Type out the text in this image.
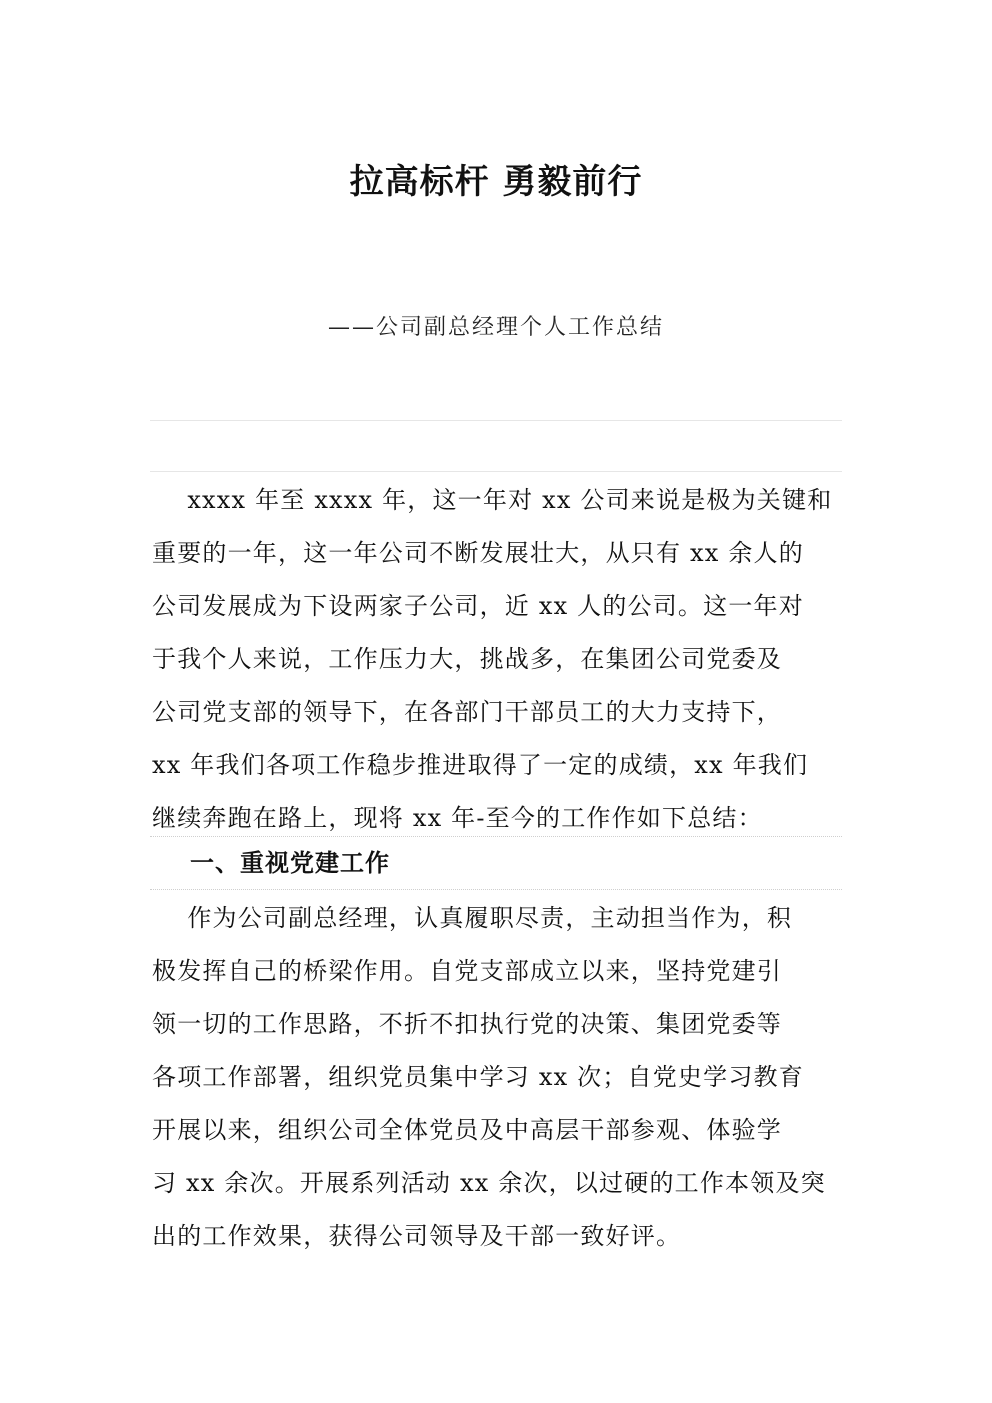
拉高标杆 勇毅前行
——公司副总经理个人工作总结
xxxx 年至 xxxx 年，这一年对 xx 公司来说是极为关键和
重要的一年，这一年公司不断发展壮大，从只有 xx 余人的
公司发展成为下设两家子公司，近 xx 人的公司。这一年对
于我个人来说，工作压力大，挑战多，在集团公司党委及
公司党支部的领导下，在各部门干部员工的大力支持下，
xx 年我们各项工作稳步推进取得了一定的成绩，xx 年我们
继续奔跑在路上，现将 xx 年-至今的工作作如下总结：
一、重视党建工作
作为公司副总经理，认真履职尽责，主动担当作为，积
极发挥自己的桥梁作用。自党支部成立以来，坚持党建引
领一切的工作思路，不折不扣执行党的决策、集团党委等
各项工作部署，组织党员集中学习 xx 次；自党史学习教育
开展以来，组织公司全体党员及中高层干部参观、体验学
习 xx 余次。开展系列活动 xx 余次，以过硬的工作本领及突
出的工作效果，获得公司领导及干部一致好评。
